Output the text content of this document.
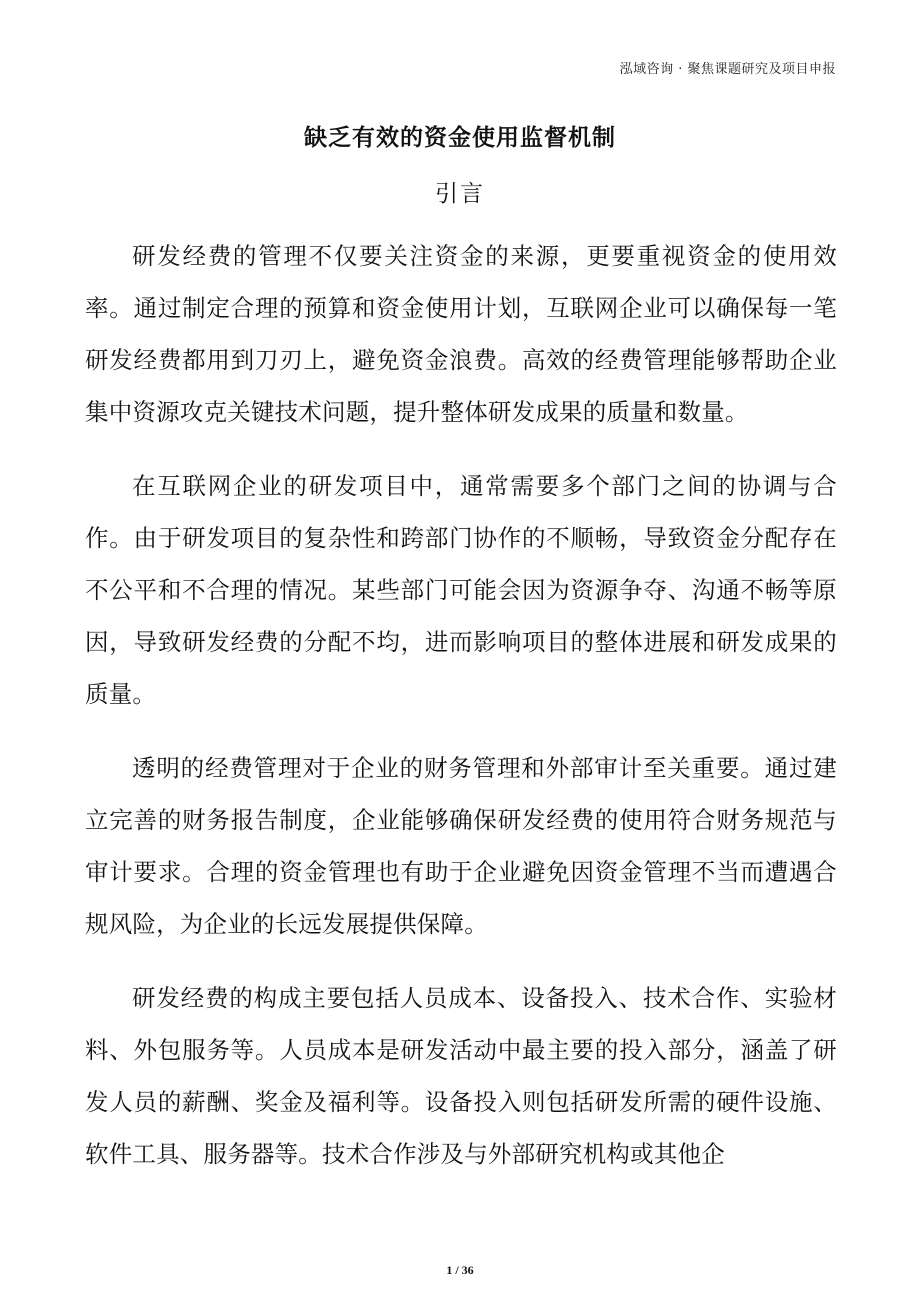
泓域咨询 · 聚焦课题研究及项目申报
缺乏有效的资金使用监督机制
引言

研发经费的管理不仅要关注资金的来源，更要重视资金的使用效率。通过制定合理的预算和资金使用计划，互联网企业可以确保每一笔研发经费都用到刀刃上，避免资金浪费。高效的经费管理能够帮助企业集中资源攻克关键技术问题，提升整体研发成果的质量和数量。

在互联网企业的研发项目中，通常需要多个部门之间的协调与合作。由于研发项目的复杂性和跨部门协作的不顺畅，导致资金分配存在不公平和不合理的情况。某些部门可能会因为资源争夺、沟通不畅等原因，导致研发经费的分配不均，进而影响项目的整体进展和研发成果的质量。

透明的经费管理对于企业的财务管理和外部审计至关重要。通过建立完善的财务报告制度，企业能够确保研发经费的使用符合财务规范与审计要求。合理的资金管理也有助于企业避免因资金管理不当而遭遇合规风险，为企业的长远发展提供保障。

研发经费的构成主要包括人员成本、设备投入、技术合作、实验材料、外包服务等。人员成本是研发活动中最主要的投入部分，涵盖了研发人员的薪酬、奖金及福利等。设备投入则包括研发所需的硬件设施、软件工具、服务器等。技术合作涉及与外部研究机构或其他企

1 / 36
